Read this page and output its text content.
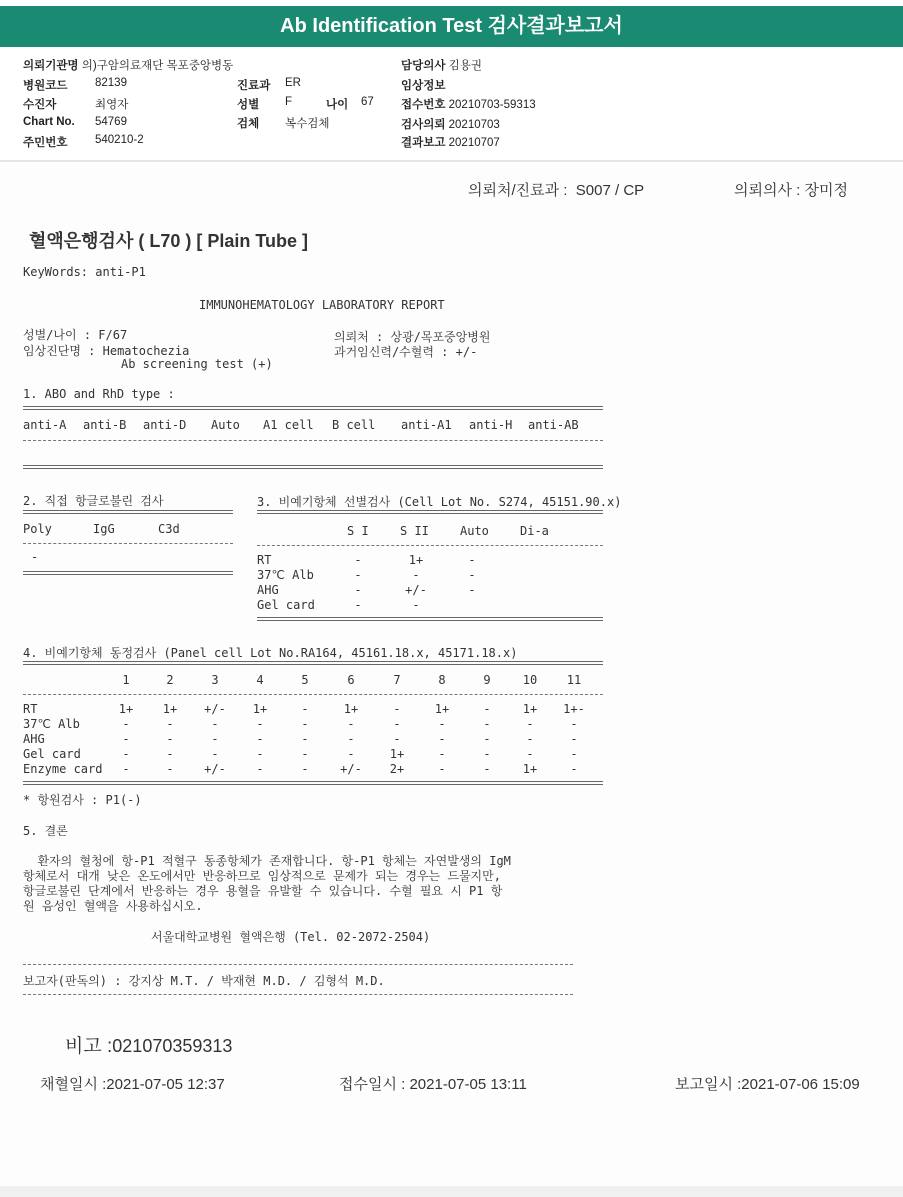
Ab Identification Test 검사결과보고서
의뢰기관명 의)구암의료재단 목포중앙병동
병원코드 82139
수진자	최영자
Chart No. 54769
주민번호 540210-2
진료과 ER
성별 F	나이 67
검체 복수검체
담당의사 김용권
임상정보
접수번호 20210703-59313
검사의뢰 20210703
결과보고 20210707
의뢰처/진료과 : S007 / CP	의뢰의사 : 장미정
혈액은행검사 ( L70 ) [ Plain Tube ]
KeyWords: anti-P1
IMMUNOHEMATOLOGY LABORATORY REPORT
성별/나이 : F/67
임상진단명 : Hematochezia
Ab screening test (+)
의뢰처 : 상광/목포중앙병원
과거임신력/수혈력 : +/-
1. ABO and RhD type :
anti-A anti-B anti-D Auto A1 cell B cell anti-A1 anti-H anti-AB
2. 직접 항글로불린 검사
Poly	IgG	C3d
-
3. 비예기항체 선별검사 (Cell Lot No. S274, 45151.90.x)
S I	S II	Auto	Di-a
RT	-	1+	-
37℃ Alb	-	-	-
AHG	-	+/-	-
Gel card	-	-
4. 비예기항체 동정검사 (Panel cell Lot No.RA164, 45161.18.x, 45171.18.x)
1	2	3	4	5	6	7	8	9	10	11
RT	1+	1+	+/-	1+	-	1+	-	1+	-	1+	1+-
37℃ Alb	-	-	-	-	-	-	-	-	-	-	-
AHG	-	-	-	-	-	-	-	-	-	-	-
Gel card	-	-	-	-	-	-	1+	-	-	-	-
Enzyme card	-	-	+/-	-	-	+/-	2+	-	-	1+	-
* 항원검사 : P1(-)
5. 결론
환자의 혈청에 항-P1 적혈구 동종항체가 존재합니다. 항-P1 항체는 자연발생의 IgM
항체로서 대개 낮은 온도에서만 반응하므로 임상적으로 문제가 되는 경우는 드물지만,
항글로불린 단계에서 반응하는 경우 용혈을 유발할 수 있습니다. 수혈 필요 시 P1 항
원 음성인 혈액을 사용하십시오.
서울대학교병원 혈액은행 (Tel. 02-2072-2504)
보고자(판독의) : 강지상 M.T. / 박재현 M.D. / 김형석 M.D.
비고 :021070359313
채혈일시 :2021-07-05 12:37	접수일시 : 2021-07-05 13:11	보고일시 :2021-07-06 15:09
